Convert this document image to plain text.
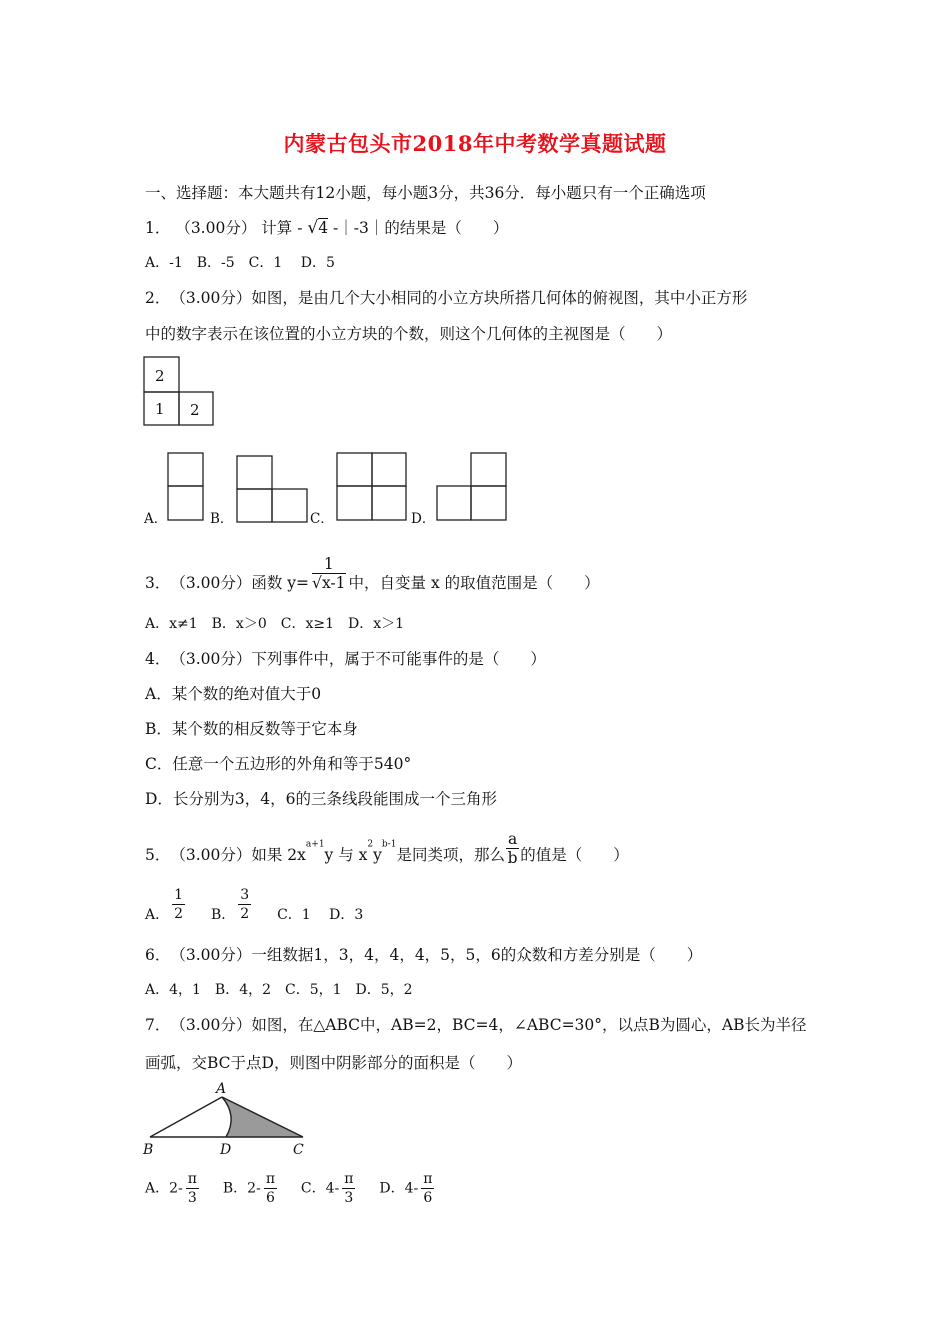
内蒙古包头市2018年中考数学真题试题
一、选择题：本大题共有12小题，每小题3分，共36分．每小题只有一个正确选项
1． （3.00分） 计算 - √4 -｜-3｜的结果是（　　）
A．-1　B．-5　C．1　 D．5
2．　（3.00分）如图，是由几个大小相同的小立方块所搭几何体的俯视图，其中小正方形
中的数字表示在该位置的小立方块的个数，则这个几何体的主视图是（　　）
2
1 2
A．	B．	C．	D．
3．　（3.00分）函数 $y= \frac{1}{√x-1}$ 中，自变量 x 的取值范围是（　　）
A．x≠1　B．x＞0　C．x≥1　D．x＞1
4．　（3.00分）下列事件中，属于不可能事件的是（　　）
A．某个数的绝对值大于0
B．某个数的相反数等于它本身
C．任意一个五边形的外角和等于540°
D．长分别为3，4，6的三条线段能围成一个三角形
5．　（3.00分）如果 $2x^{a+1}y$ 与 $x^2y^{b-1}$是同类项，那么 $\frac{a}{b}$ 的值是（　　）
A． $\frac{1}{2}$ B． $\frac{3}{2}$ C．1　 D．3
6．　（3.00分）一组数据1，3，4，4，4，5，5，6的众数和方差分别是（　　）
A．4，1　B．4，2　C．5，1　D．5，2
7．　（3.00分）如图，在△ABC中，AB=2，BC=4，∠ABC=30°，以点B为圆心，AB长为半径
画弧，交BC于点D，则图中阴影部分的面积是（　　）
A
B	D	C
A．$2- \frac{\pi}{3}$ B．$2- \frac{\pi}{6}$ C．$4- \frac{\pi}{3}$ D．$4- \frac{\pi}{6}$
